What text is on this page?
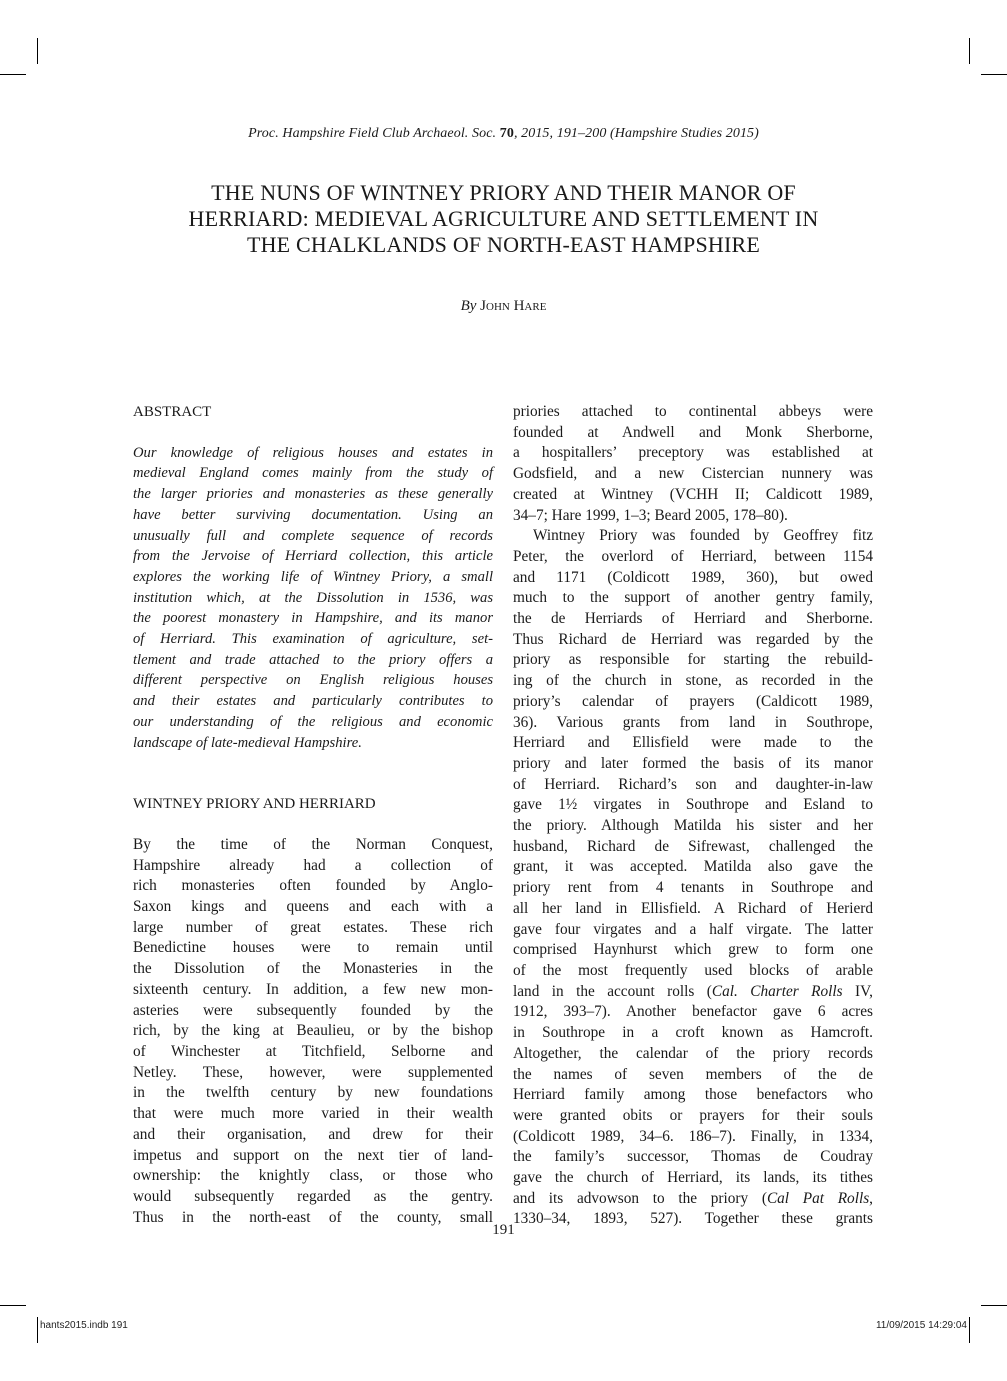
Proc. Hampshire Field Club Archaeol. Soc. 70, 2015, 191–200 (Hampshire Studies 2015)
THE NUNS OF WINTNEY PRIORY AND THEIR MANOR OF
HERRIARD: MEDIEVAL AGRICULTURE AND SETTLEMENT IN
THE CHALKLANDS OF NORTH-EAST HAMPSHIRE
By John Hare

ABSTRACT

Our knowledge of religious houses and estates in
medieval England comes mainly from the study of
the larger priories and monasteries as these generally
have better surviving documentation. Using an
unusually full and complete sequence of records
from the Jervoise of Herriard collection, this article
explores the working life of Wintney Priory, a small
institution which, at the Dissolution in 1536, was
the poorest monastery in Hampshire, and its manor
of Herriard. This examination of agriculture, set-
tlement and trade attached to the priory offers a
different perspective on English religious houses
and their estates and particularly contributes to
our understanding of the religious and economic
landscape of late-medieval Hampshire.

WINTNEY PRIORY AND HERRIARD

By the time of the Norman Conquest,
Hampshire already had a collection of
rich monasteries often founded by Anglo-
Saxon kings and queens and each with a
large number of great estates. These rich
Benedictine houses were to remain until
the Dissolution of the Monasteries in the
sixteenth century. In addition, a few new mon-
asteries were subsequently founded by the
rich, by the king at Beaulieu, or by the bishop
of Winchester at Titchfield, Selborne and
Netley. These, however, were supplemented
in the twelfth century by new foundations
that were much more varied in their wealth
and their organisation, and drew for their
impetus and support on the next tier of land-
ownership: the knightly class, or those who
would subsequently regarded as the gentry.
Thus in the north-east of the county, small
priories attached to continental abbeys were
founded at Andwell and Monk Sherborne,
a hospitallers’ preceptory was established at
Godsfield, and a new Cistercian nunnery was
created at Wintney (VCHH II; Caldicott 1989,
34–7; Hare 1999, 1–3; Beard 2005, 178–80).
Wintney Priory was founded by Geoffrey fitz
Peter, the overlord of Herriard, between 1154
and 1171 (Coldicott 1989, 360), but owed
much to the support of another gentry family,
the de Herriards of Herriard and Sherborne.
Thus Richard de Herriard was regarded by the
priory as responsible for starting the rebuild-
ing of the church in stone, as recorded in the
priory’s calendar of prayers (Caldicott 1989,
36). Various grants from land in Southrope,
Herriard and Ellisfield were made to the
priory and later formed the basis of its manor
of Herriard. Richard’s son and daughter-in-law
gave 1½ virgates in Southrope and Esland to
the priory. Although Matilda his sister and her
husband, Richard de Sifrewast, challenged the
grant, it was accepted. Matilda also gave the
priory rent from 4 tenants in Southrope and
all her land in Ellisfield. A Richard of Herierd
gave four virgates and a half virgate. The latter
comprised Haynhurst which grew to form one
of the most frequently used blocks of arable
land in the account rolls (Cal. Charter Rolls IV,
1912, 393–7). Another benefactor gave 6 acres
in Southrope in a croft known as Hamcroft.
Altogether, the calendar of the priory records
the names of seven members of the de
Herriard family among those benefactors who
were granted obits or prayers for their souls
(Coldicott 1989, 34–6. 186–7). Finally, in 1334,
the family’s successor, Thomas de Coudray
gave the church of Herriard, its lands, its tithes
and its advowson to the priory (Cal Pat Rolls,
1330–34, 1893, 527). Together these grants
191
hants2015.indb 191	11/09/2015 14:29:04
